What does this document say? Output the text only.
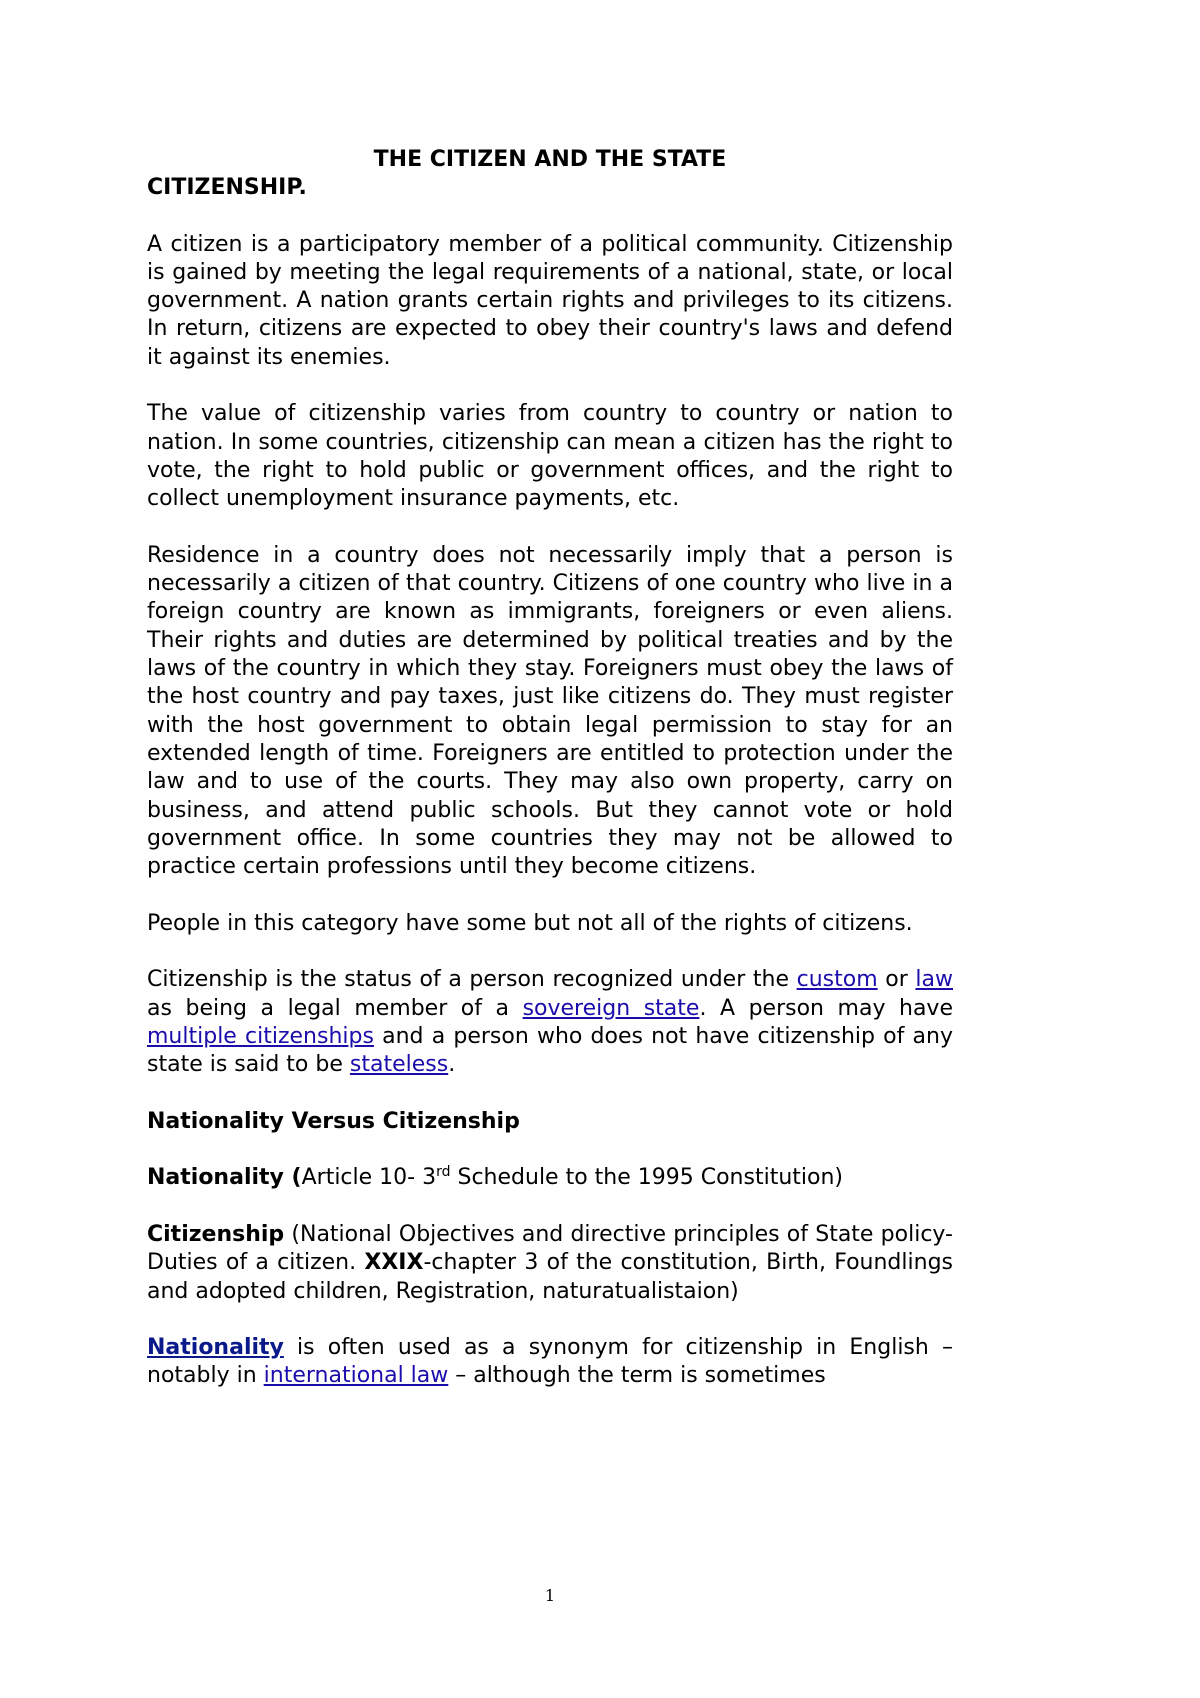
THE CITIZEN AND THE STATE
CITIZENSHIP.

A citizen is a participatory member of a political community. Citizenship is gained by meeting the legal requirements of a national, state, or local government. A nation grants certain rights and privileges to its citizens. In return, citizens are expected to obey their country's laws and defend it against its enemies.

The value of citizenship varies from country to country or nation to nation. In some countries, citizenship can mean a citizen has the right to vote, the right to hold public or government offices, and the right to collect unemployment insurance payments, etc.

Residence in a country does not necessarily imply that a person is necessarily a citizen of that country. Citizens of one country who live in a foreign country are known as immigrants, foreigners or even aliens. Their rights and duties are determined by political treaties and by the laws of the country in which they stay. Foreigners must obey the laws of the host country and pay taxes, just like citizens do. They must register with the host government to obtain legal permission to stay for an extended length of time. Foreigners are entitled to protection under the law and to use of the courts. They may also own property, carry on business, and attend public schools. But they cannot vote or hold government office. In some countries they may not be allowed to practice certain professions until they become citizens.

People in this category have some but not all of the rights of citizens.

Citizenship is the status of a person recognized under the custom or law as being a legal member of a sovereign state. A person may have multiple citizenships and a person who does not have citizenship of any state is said to be stateless.

Nationality Versus Citizenship

Nationality (Article 10- 3rd Schedule to the 1995 Constitution)

Citizenship (National Objectives and directive principles of State policy- Duties of a citizen. XXIX-chapter 3 of the constitution, Birth, Foundlings and adopted children, Registration, naturatualistaion)

Nationality is often used as a synonym for citizenship in English – notably in international law – although the term is sometimes

1
